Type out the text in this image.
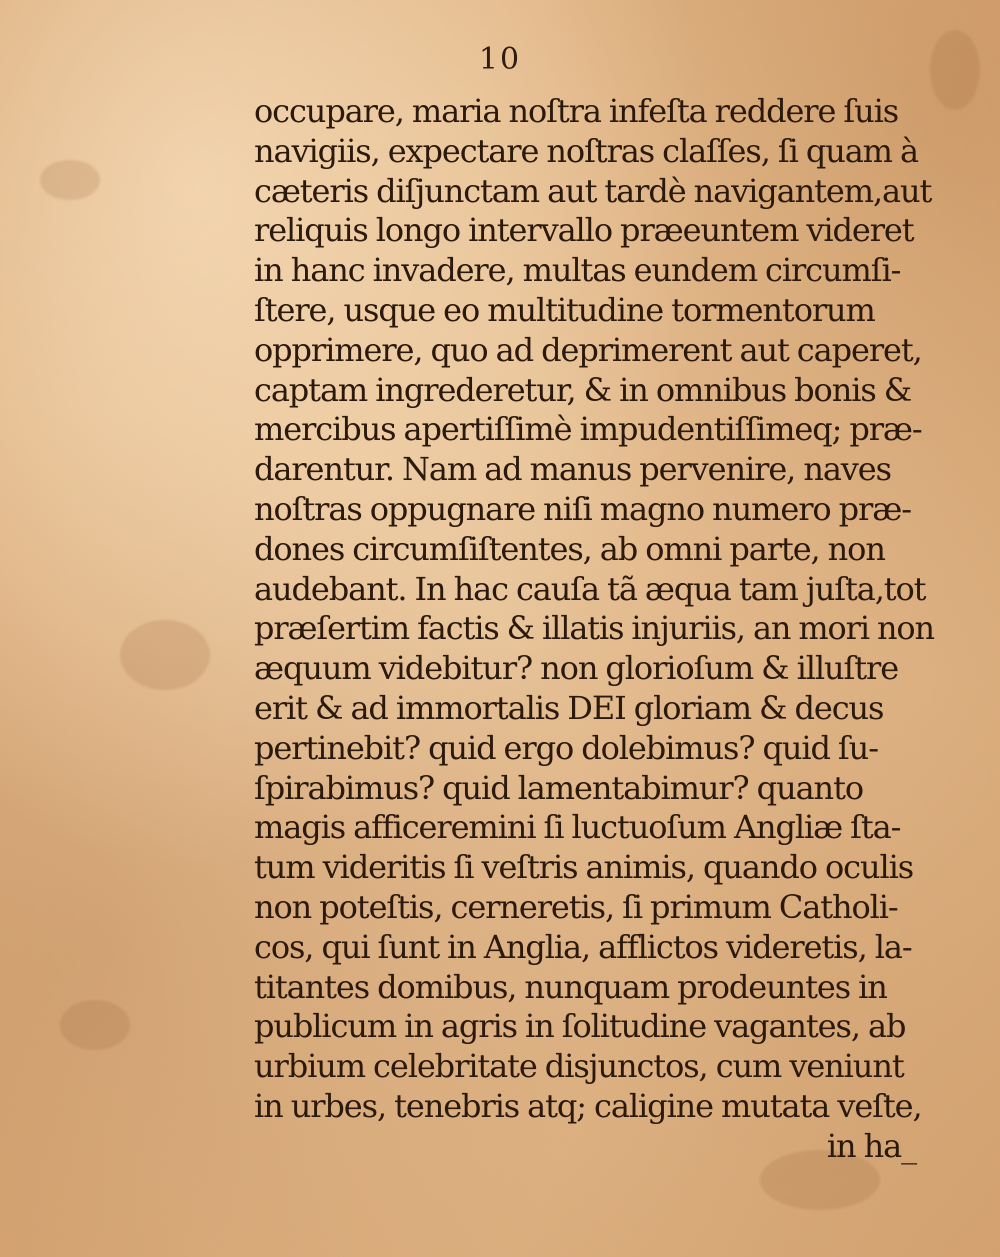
10
occupare, maria noſtra infeſta reddere ſuis
navigiis, expectare noſtras claſſes, ſi quam à
cæteris diſjunctam aut tardè navigantem,aut
reliquis longo intervallo præeuntem videret
in hanc invadere, multas eundem circumſi-
ſtere, usque eo multitudine tormentorum
opprimere, quo ad deprimerent aut caperet,
captam ingrederetur, & in omnibus bonis &
mercibus apertiſſimè impudentiſſimeq; præ-
darentur. Nam ad manus pervenire, naves
noſtras oppugnare niſi magno numero præ-
dones circumſiſtentes, ab omni parte, non
audebant. In hac cauſa tã æqua tam juſta,tot
præſertim factis & illatis injuriis, an mori non
æquum videbitur? non glorioſum & illuſtre
erit & ad immortalis DEI gloriam & decus
pertinebit? quid ergo dolebimus? quid ſu-
ſpirabimus? quid lamentabimur? quanto
magis afficeremini ſi luctuoſum Angliæ ſta-
tum videritis ſi veſtris animis, quando oculis
non poteſtis, cerneretis, ſi primum Catholi-
cos, qui ſunt in Anglia, afflictos videretis, la-
titantes domibus, nunquam prodeuntes in
publicum in agris in ſolitudine vagantes, ab
urbium celebritate disjunctos, cum veniunt
in urbes, tenebris atq; caligine mutata veſte,
in ha_
